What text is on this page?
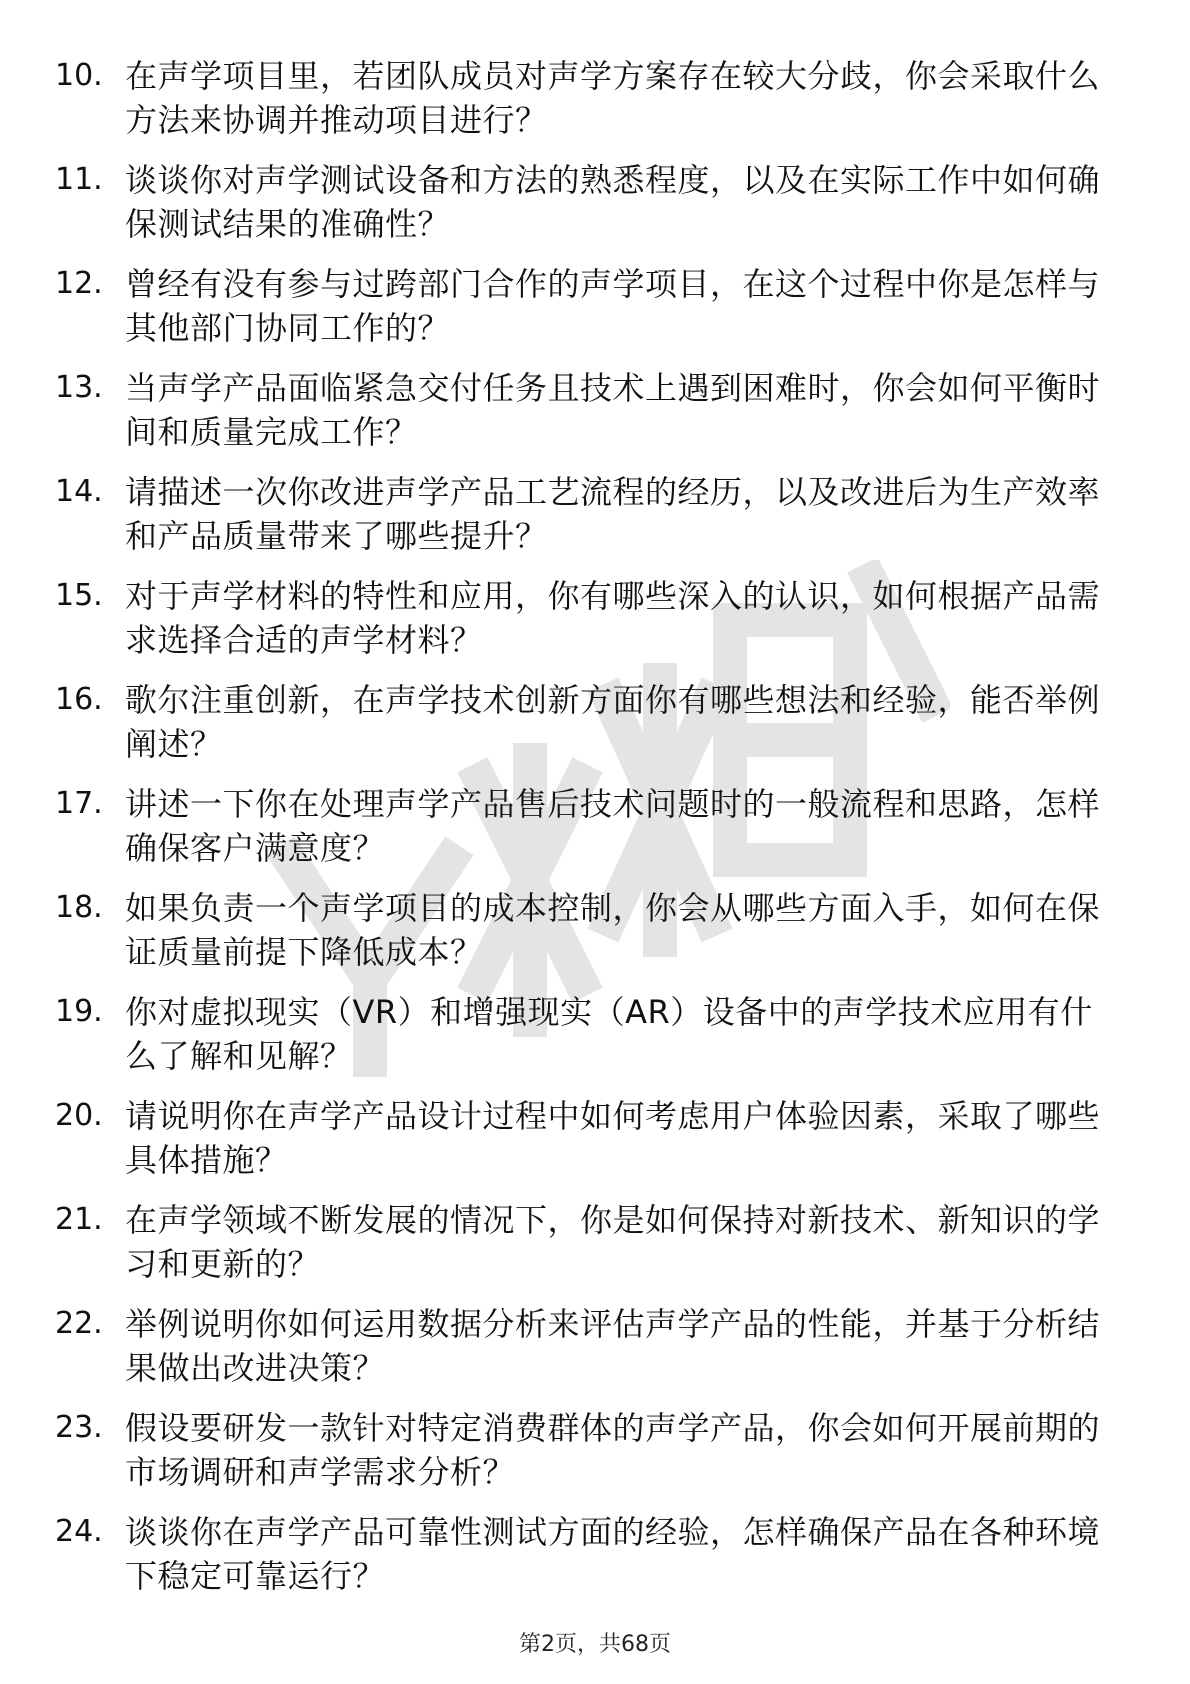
10. 在声学项目里，若团队成员对声学方案存在较大分歧，你会采取什么方法来协调并推动项目进行？
11. 谈谈你对声学测试设备和方法的熟悉程度，以及在实际工作中如何确保测试结果的准确性？
12. 曾经有没有参与过跨部门合作的声学项目，在这个过程中你是怎样与其他部门协同工作的？
13. 当声学产品面临紧急交付任务且技术上遇到困难时，你会如何平衡时间和质量完成工作？
14. 请描述一次你改进声学产品工艺流程的经历，以及改进后为生产效率和产品质量带来了哪些提升？
15. 对于声学材料的特性和应用，你有哪些深入的认识，如何根据产品需求选择合适的声学材料？
16. 歌尔注重创新，在声学技术创新方面你有哪些想法和经验，能否举例阐述？
17. 讲述一下你在处理声学产品售后技术问题时的一般流程和思路，怎样确保客户满意度？
18. 如果负责一个声学项目的成本控制，你会从哪些方面入手，如何在保证质量前提下降低成本？
19. 你对虚拟现实（VR）和增强现实（AR）设备中的声学技术应用有什么了解和见解？
20. 请说明你在声学产品设计过程中如何考虑用户体验因素，采取了哪些具体措施？
21. 在声学领域不断发展的情况下，你是如何保持对新技术、新知识的学习和更新的？
22. 举例说明你如何运用数据分析来评估声学产品的性能，并基于分析结果做出改进决策？
23. 假设要研发一款针对特定消费群体的声学产品，你会如何开展前期的市场调研和声学需求分析？
24. 谈谈你在声学产品可靠性测试方面的经验，怎样确保产品在各种环境下稳定可靠运行？
第2页，共68页
